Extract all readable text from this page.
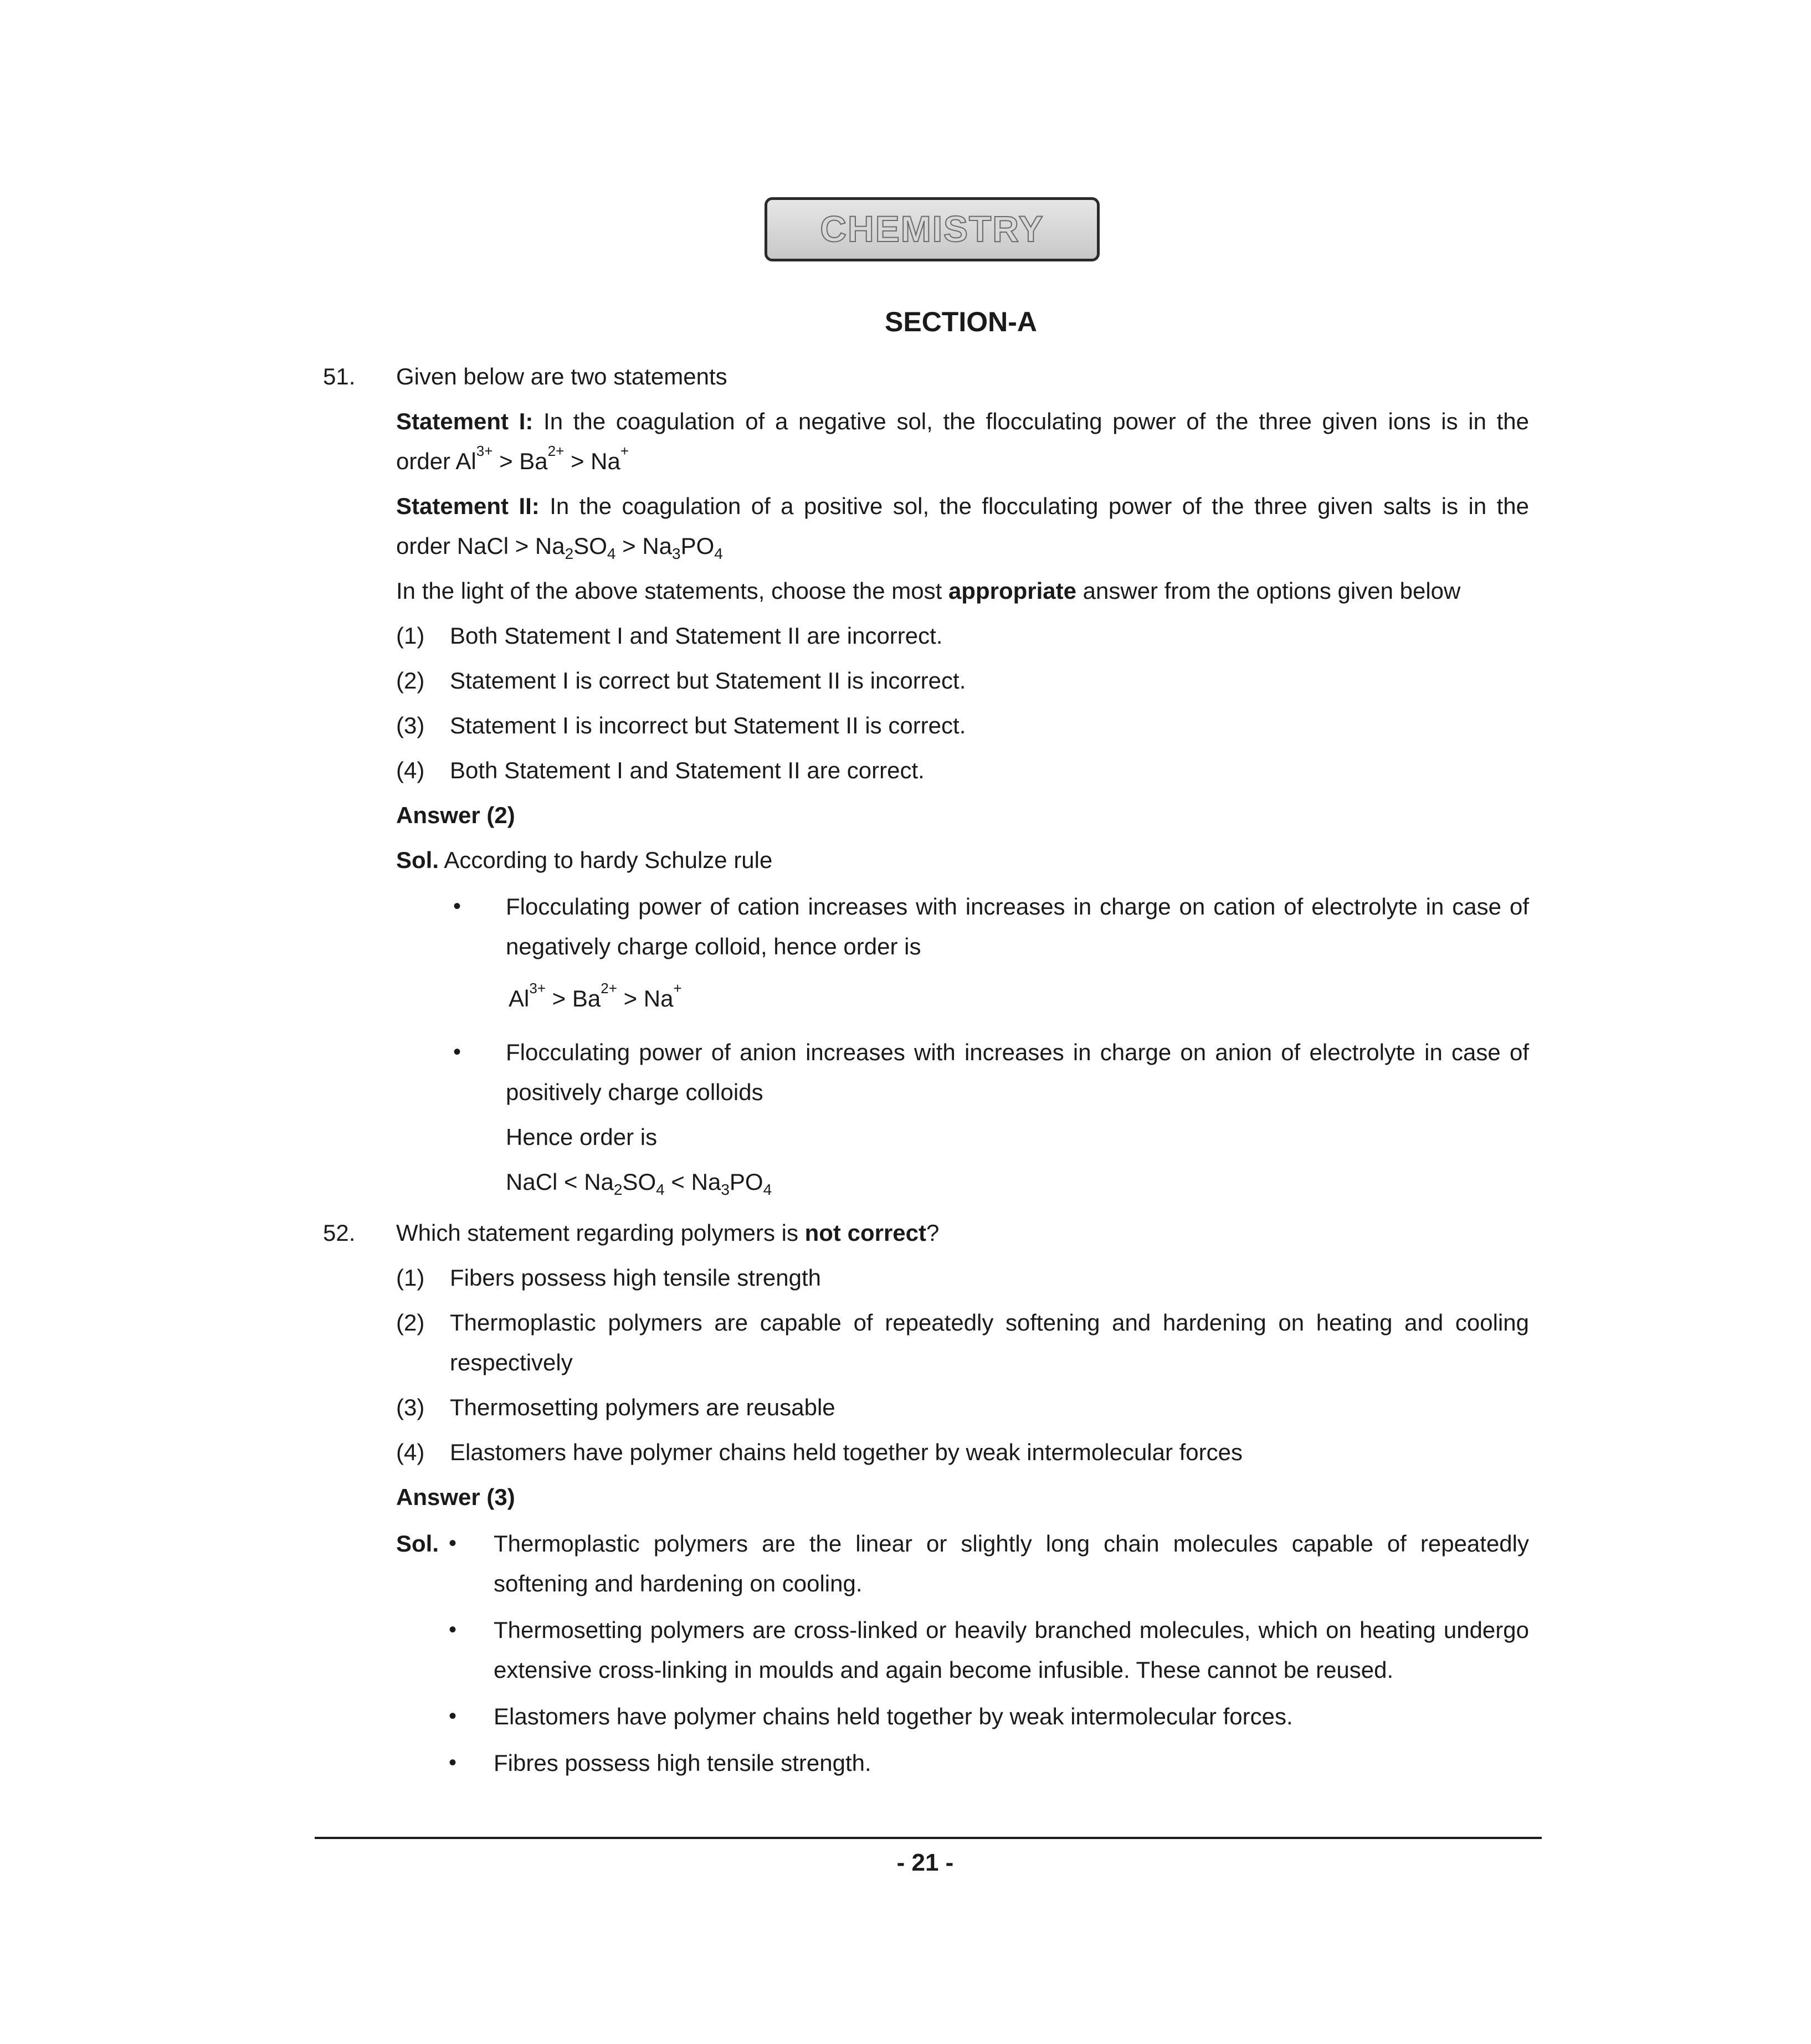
CHEMISTRY
SECTION-A
51. Given below are two statements
Statement I: In the coagulation of a negative sol, the flocculating power of the three given ions is in the
order $Al^{3+} > Ba^{2+} > Na^+$
Statement II: In the coagulation of a positive sol, the flocculating power of the three given salts is in the
order NaCl > $Na_2SO_4 > Na_3PO_4$
In the light of the above statements, choose the most appropriate answer from the options given below
(1) Both Statement I and Statement II are incorrect.
(2) Statement I is correct but Statement II is incorrect.
(3) Statement I is incorrect but Statement II is correct.
(4) Both Statement I and Statement II are correct.
Answer (2)
Sol. According to hardy Schulze rule
• Flocculating power of cation increases with increases in charge on cation of electrolyte in case of
negatively charge colloid, hence order is
$Al^{3+} > Ba^{2+} > Na^+$
• Flocculating power of anion increases with increases in charge on anion of electrolyte in case of
positively charge colloids
Hence order is
NaCl < $Na_2SO_4 < Na_3PO_4$
52. Which statement regarding polymers is not correct?
(1) Fibers possess high tensile strength
(2) Thermoplastic polymers are capable of repeatedly softening and hardening on heating and cooling
respectively
(3) Thermosetting polymers are reusable
(4) Elastomers have polymer chains held together by weak intermolecular forces
Answer (3)
Sol. • Thermoplastic polymers are the linear or slightly long chain molecules capable of repeatedly
softening and hardening on cooling.
• Thermosetting polymers are cross-linked or heavily branched molecules, which on heating undergo
extensive cross-linking in moulds and again become infusible. These cannot be reused.
• Elastomers have polymer chains held together by weak intermolecular forces.
• Fibres possess high tensile strength.
- 21 -
